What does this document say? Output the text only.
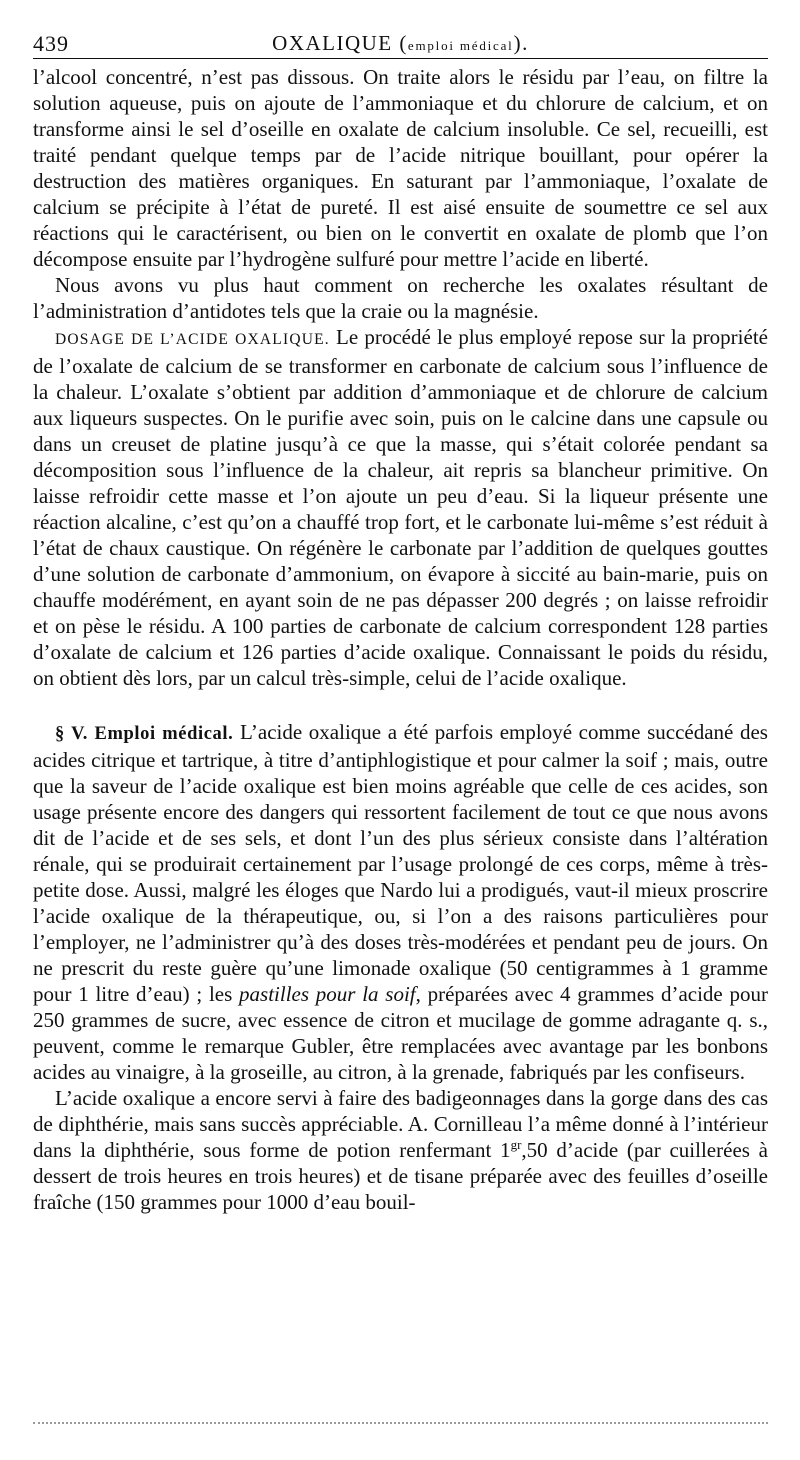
439	OXALIQUE (emploi médical).

l’alcool concentré, n’est pas dissous. On traite alors le résidu par l’eau, on filtre la solution aqueuse, puis on ajoute de l’ammoniaque et du chlorure de calcium, et on transforme ainsi le sel d’oseille en oxalate de calcium insoluble. Ce sel, recueilli, est traité pendant quelque temps par de l’acide nitrique bouillant, pour opérer la destruction des matières organiques. En saturant par l’ammoniaque, l’oxalate de calcium se précipite à l’état de pureté. Il est aisé ensuite de soumettre ce sel aux réactions qui le caractérisent, ou bien on le convertit en oxalate de plomb que l’on décompose ensuite par l’hydrogène sulfuré pour mettre l’acide en liberté.

Nous avons vu plus haut comment on recherche les oxalates résultant de l’administration d’antidotes tels que la craie ou la magnésie.

DOSAGE DE L’ACIDE OXALIQUE. Le procédé le plus employé repose sur la propriété de l’oxalate de calcium de se transformer en carbonate de calcium sous l’influence de la chaleur. L’oxalate s’obtient par addition d’ammoniaque et de chlorure de calcium aux liqueurs suspectes. On le purifie avec soin, puis on le calcine dans une capsule ou dans un creuset de platine jusqu’à ce que la masse, qui s’était colorée pendant sa décomposition sous l’influence de la chaleur, ait repris sa blancheur primitive. On laisse refroidir cette masse et l’on ajoute un peu d’eau. Si la liqueur présente une réaction alcaline, c’est qu’on a chauffé trop fort, et le carbonate lui-même s’est réduit à l’état de chaux caustique. On régénère le carbonate par l’addition de quelques gouttes d’une solution de carbonate d’ammonium, on évapore à siccité au bain-marie, puis on chauffe modérément, en ayant soin de ne pas dépasser 200 degrés ; on laisse refroidir et on pèse le résidu. A 100 parties de carbonate de calcium correspondent 128 parties d’oxalate de calcium et 126 parties d’acide oxalique. Connaissant le poids du résidu, on obtient dès lors, par un calcul très-simple, celui de l’acide oxalique.

§ V. Emploi médical. L’acide oxalique a été parfois employé comme succédané des acides citrique et tartrique, à titre d’antiphlogistique et pour calmer la soif ; mais, outre que la saveur de l’acide oxalique est bien moins agréable que celle de ces acides, son usage présente encore des dangers qui ressortent facilement de tout ce que nous avons dit de l’acide et de ses sels, et dont l’un des plus sérieux consiste dans l’altération rénale, qui se produirait certainement par l’usage prolongé de ces corps, même à très-petite dose. Aussi, malgré les éloges que Nardo lui a prodigués, vaut-il mieux proscrire l’acide oxalique de la thérapeutique, ou, si l’on a des raisons particulières pour l’employer, ne l’administrer qu’à des doses très-modérées et pendant peu de jours. On ne prescrit du reste guère qu’une limonade oxalique (50 centigrammes à 1 gramme pour 1 litre d’eau) ; les pastilles pour la soif, préparées avec 4 grammes d’acide pour 250 grammes de sucre, avec essence de citron et mucilage de gomme adragante q. s., peuvent, comme le remarque Gubler, être remplacées avec avantage par les bonbons acides au vinaigre, à la groseille, au citron, à la grenade, fabriqués par les confiseurs.

L’acide oxalique a encore servi à faire des badigeonnages dans la gorge dans des cas de diphthérie, mais sans succès appréciable. A. Cornilleau l’a même donné à l’intérieur dans la diphthérie, sous forme de potion renfermant $1^{gr},50$ d’acide (par cuillerées à dessert de trois heures en trois heures) et de tisane préparée avec des feuilles d’oseille fraîche (150 grammes pour 1000 d’eau bouil-
